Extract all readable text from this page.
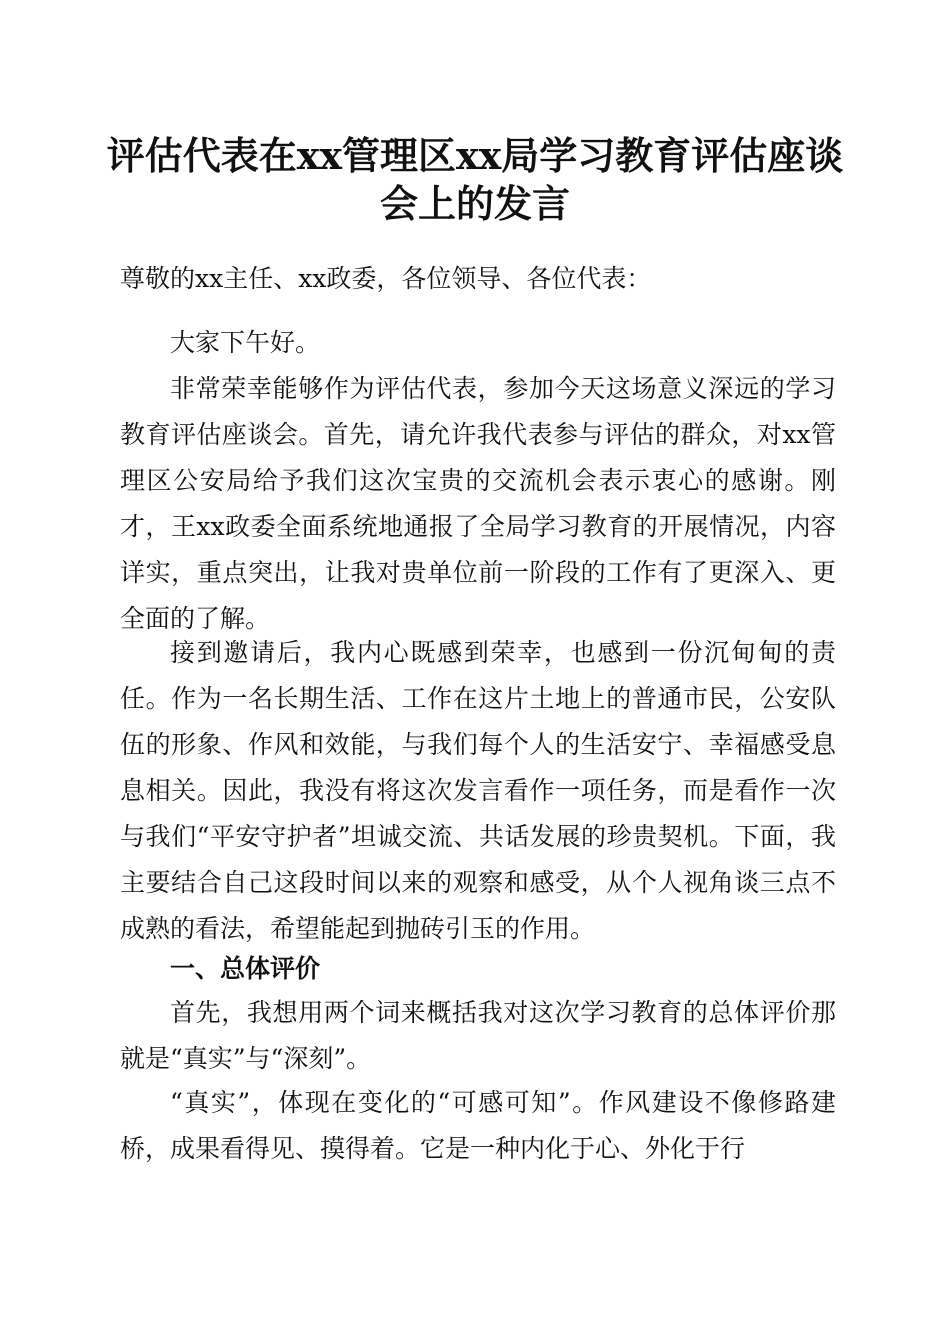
评估代表在xx管理区xx局学习教育评估座谈
会上的发言
尊敬的xx主任、xx政委，各位领导、各位代表：
大家下午好。
非常荣幸能够作为评估代表，参加今天这场意义深远的学习教育评估座谈会。首先，请允许我代表参与评估的群众，对xx管理区公安局给予我们这次宝贵的交流机会表示衷心的感谢。刚才，王xx政委全面系统地通报了全局学习教育的开展情况，内容详实，重点突出，让我对贵单位前一阶段的工作有了更深入、更全面的了解。
接到邀请后，我内心既感到荣幸，也感到一份沉甸甸的责任。作为一名长期生活、工作在这片土地上的普通市民，公安队伍的形象、作风和效能，与我们每个人的生活安宁、幸福感受息息相关。因此，我没有将这次发言看作一项任务，而是看作一次与我们“平安守护者”坦诚交流、共话发展的珍贵契机。下面，我主要结合自己这段时间以来的观察和感受，从个人视角谈三点不成熟的看法，希望能起到抛砖引玉的作用。
一、总体评价
首先，我想用两个词来概括我对这次学习教育的总体评价那就是“真实”与“深刻”。
“真实”，体现在变化的“可感可知”。作风建设不像修路建桥，成果看得见、摸得着。它是一种内化于心、外化于行
